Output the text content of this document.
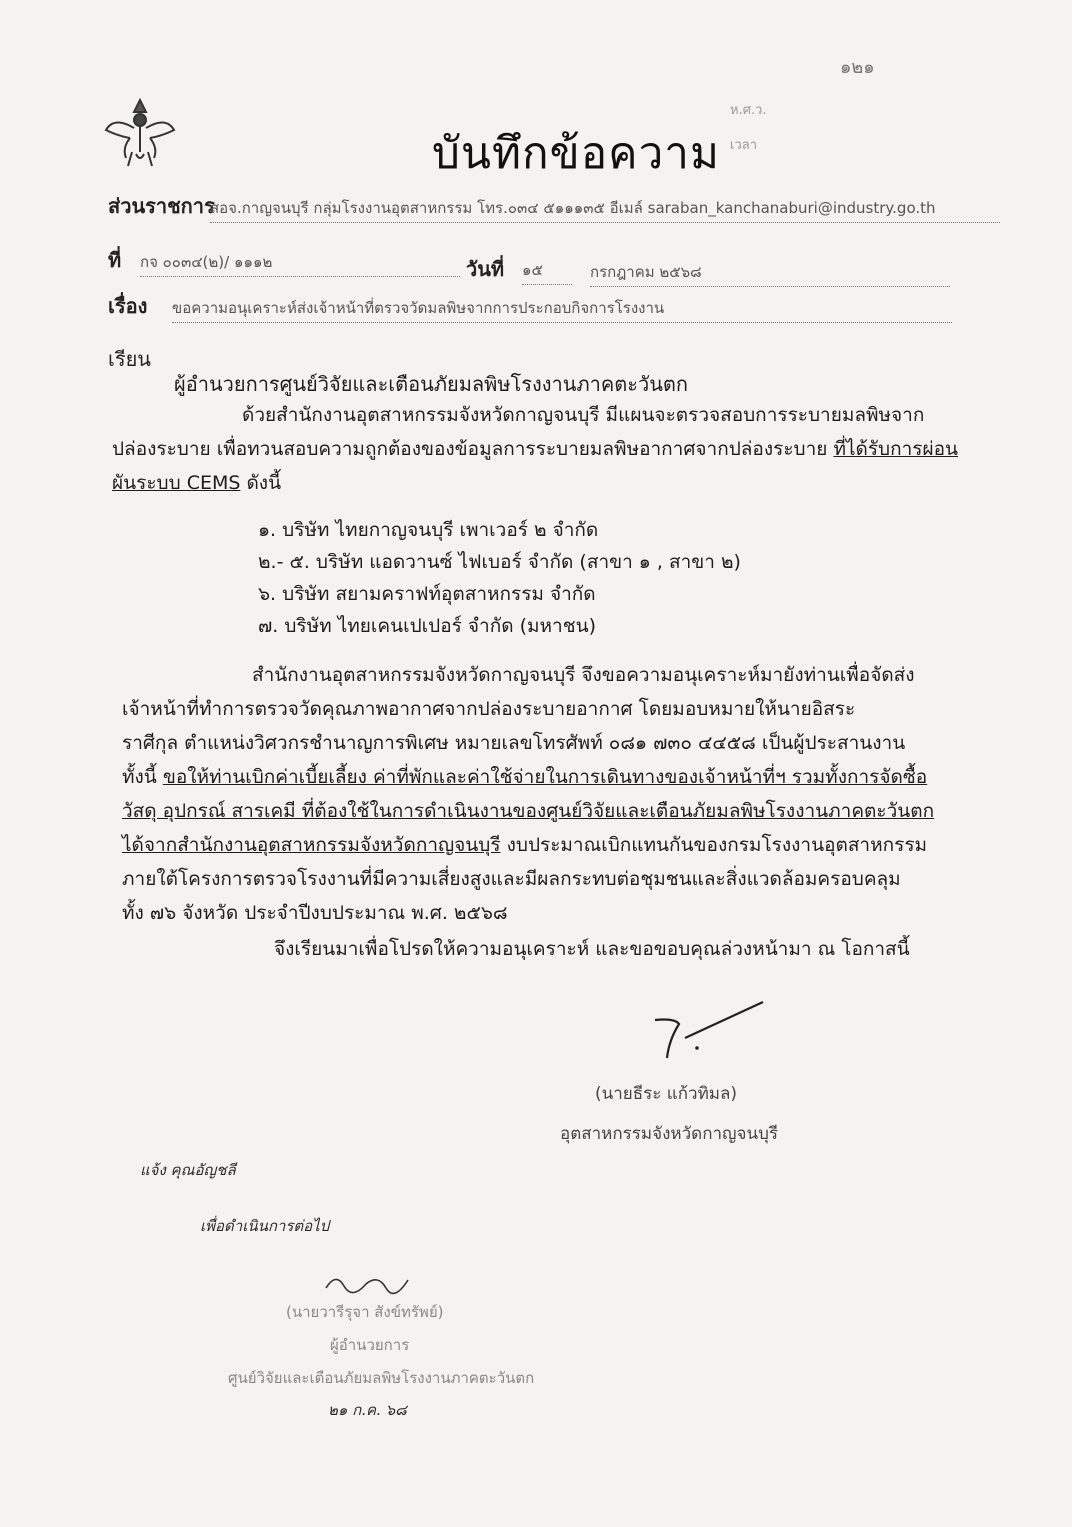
บันทึกข้อความ
๑๒๑
ห.ศ.ว.
เวลา
ส่วนราชการ
สอจ.กาญจนบุรี กลุ่มโรงงานอุตสาหกรรม โทร.๐๓๔ ๕๑๑๑๓๕ อีเมล์ saraban_kanchanaburi@industry.go.th
ที่ กจ ๐๐๓๔(๒)/ ๑๑๑๒	วันที่ ๑๕	กรกฎาคม ๒๕๖๘
เรื่อง ขอความอนุเคราะห์ส่งเจ้าหน้าที่ตรวจวัดมลพิษจากการประกอบกิจการโรงงาน
เรียน
ผู้อำนวยการศูนย์วิจัยและเตือนภัยมลพิษโรงงานภาคตะวันตก
ด้วยสำนักงานอุตสาหกรรมจังหวัดกาญจนบุรี มีแผนจะตรวจสอบการระบายมลพิษจาก
ปล่องระบาย เพื่อทวนสอบความถูกต้องของข้อมูลการระบายมลพิษอากาศจากปล่องระบาย ที่ได้รับการผ่อน
ผันระบบ CEMS ดังนี้
๑. บริษัท ไทยกาญจนบุรี เพาเวอร์ ๒ จำกัด
๒.- ๕. บริษัท แอดวานซ์ ไฟเบอร์ จำกัด (สาขา ๑ , สาขา ๒)
๖. บริษัท สยามคราฟท์อุตสาหกรรม จำกัด
๗. บริษัท ไทยเคนเปเปอร์ จำกัด (มหาชน)
สำนักงานอุตสาหกรรมจังหวัดกาญจนบุรี จึงขอความอนุเคราะห์มายังท่านเพื่อจัดส่ง
เจ้าหน้าที่ทำการตรวจวัดคุณภาพอากาศจากปล่องระบายอากาศ โดยมอบหมายให้นายอิสระ
ราศีกุล ตำแหน่งวิศวกรชำนาญการพิเศษ หมายเลขโทรศัพท์ ๐๘๑ ๗๓๐ ๔๔๕๘ เป็นผู้ประสานงาน
ทั้งนี้ ขอให้ท่านเบิกค่าเบี้ยเลี้ยง ค่าที่พักและค่าใช้จ่ายในการเดินทางของเจ้าหน้าที่ฯ รวมทั้งการจัดซื้อ
วัสดุ อุปกรณ์ สารเคมี ที่ต้องใช้ในการดำเนินงานของศูนย์วิจัยและเตือนภัยมลพิษโรงงานภาคตะวันตก
ได้จากสำนักงานอุตสาหกรรมจังหวัดกาญจนบุรี งบประมาณเบิกแทนกันของกรมโรงงานอุตสาหกรรม
ภายใต้โครงการตรวจโรงงานที่มีความเสี่ยงสูงและมีผลกระทบต่อชุมชนและสิ่งแวดล้อมครอบคลุม
ทั้ง ๗๖ จังหวัด ประจำปีงบประมาณ พ.ศ. ๒๕๖๘
จึงเรียนมาเพื่อโปรดให้ความอนุเคราะห์ และขอขอบคุณล่วงหน้ามา ณ โอกาสนี้
(นายธีระ แก้วทิมล)
อุตสาหกรรมจังหวัดกาญจนบุรี
แจ้ง คุณอัญชลี
เพื่อดำเนินการต่อไป
(นายวารีรุจา สังข์ทรัพย์)
ผู้อำนวยการ
ศูนย์วิจัยและเตือนภัยมลพิษโรงงานภาคตะวันตก
๒๑ ก.ค. ๖๘
